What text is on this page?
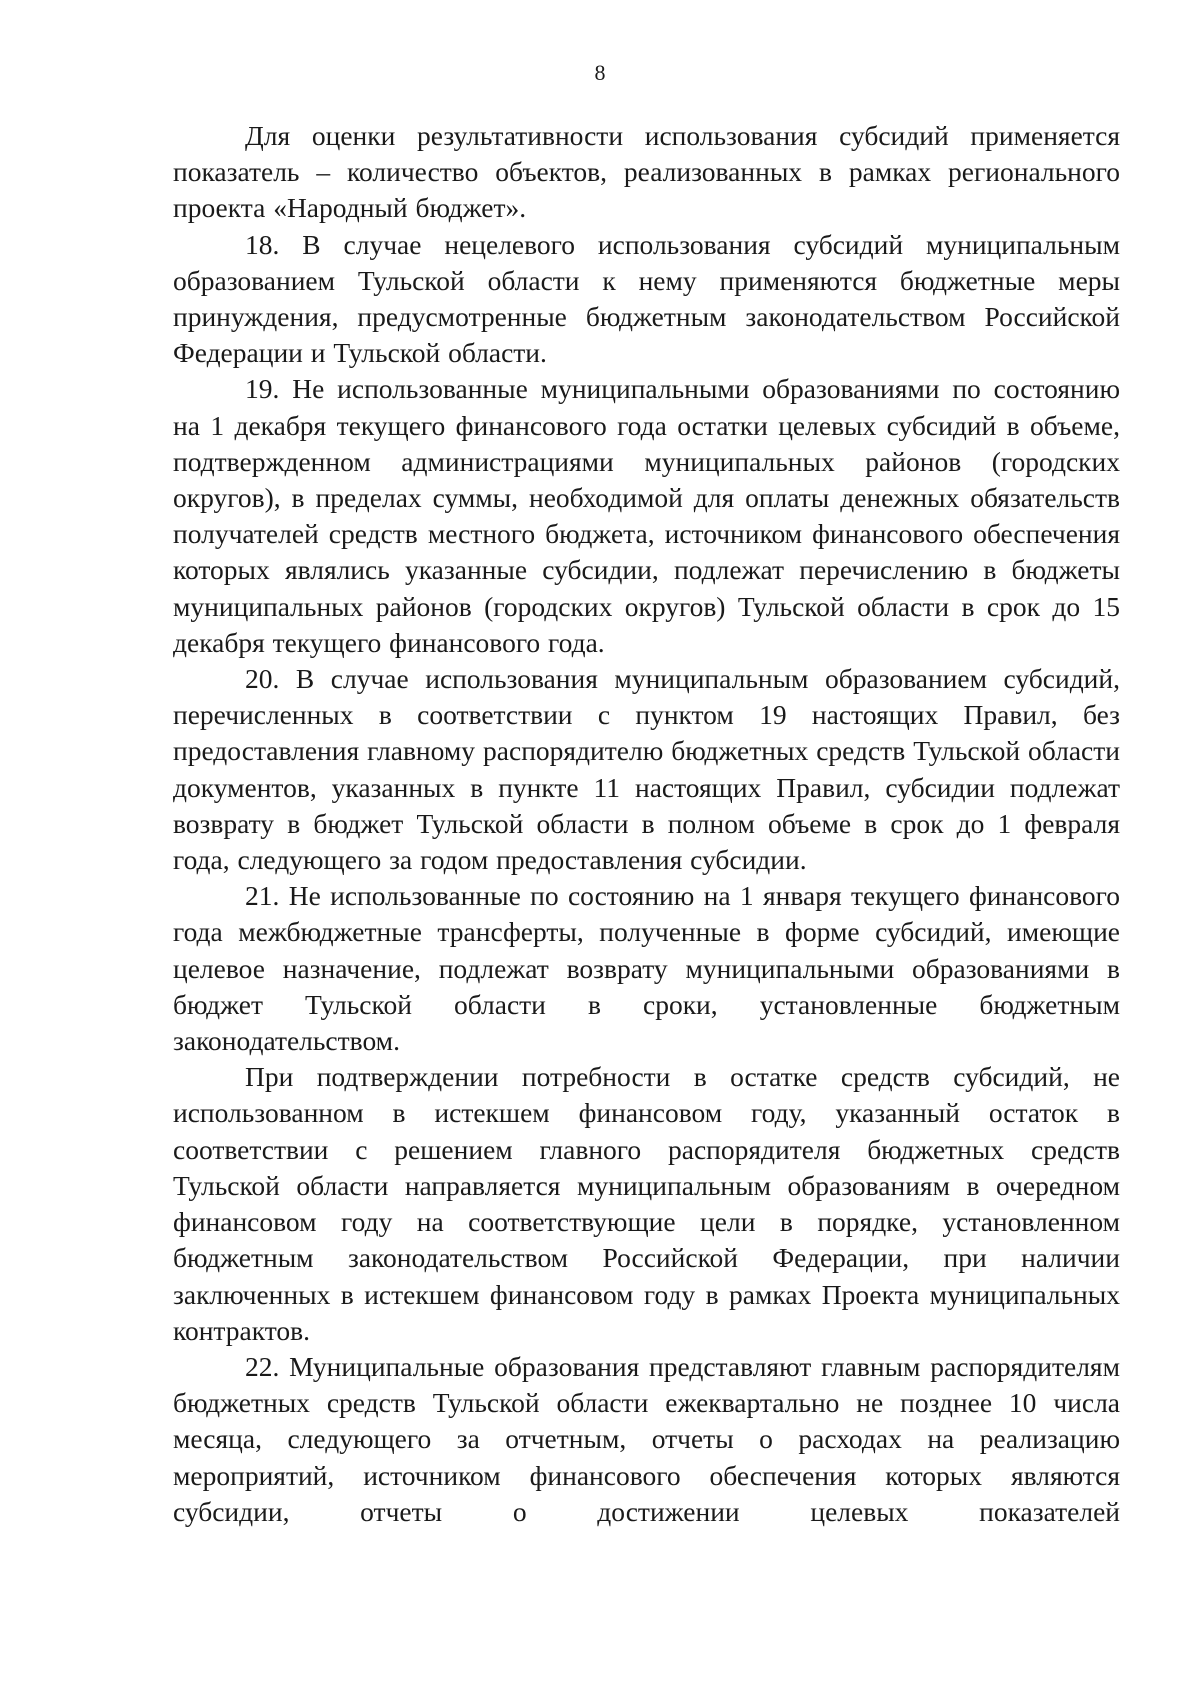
8

Для оценки результативности использования субсидий применяется показатель – количество объектов, реализованных в рамках регионального проекта «Народный бюджет».

18. В случае нецелевого использования субсидий муниципальным образованием Тульской области к нему применяются бюджетные меры принуждения, предусмотренные бюджетным законодательством Российской Федерации и Тульской области.

19. Не использованные муниципальными образованиями по состоянию на 1 декабря текущего финансового года остатки целевых субсидий в объеме, подтвержденном администрациями муниципальных районов (городских округов), в пределах суммы, необходимой для оплаты денежных обязательств получателей средств местного бюджета, источником финансового обеспечения которых являлись указанные субсидии, подлежат перечислению в бюджеты муниципальных районов (городских округов) Тульской области в срок до 15 декабря текущего финансового года.

20. В случае использования муниципальным образованием субсидий, перечисленных в соответствии с пунктом 19 настоящих Правил, без предоставления главному распорядителю бюджетных средств Тульской области документов, указанных в пункте 11 настоящих Правил, субсидии подлежат возврату в бюджет Тульской области в полном объеме в срок до 1 февраля года, следующего за годом предоставления субсидии.

21. Не использованные по состоянию на 1 января текущего финансового года межбюджетные трансферты, полученные в форме субсидий, имеющие целевое назначение, подлежат возврату муниципальными образованиями в бюджет Тульской области в сроки, установленные бюджетным законодательством.

При подтверждении потребности в остатке средств субсидий, не использованном в истекшем финансовом году, указанный остаток в соответствии с решением главного распорядителя бюджетных средств Тульской области направляется муниципальным образованиям в очередном финансовом году на соответствующие цели в порядке, установленном бюджетным законодательством Российской Федерации, при наличии заключенных в истекшем финансовом году в рамках Проекта муниципальных контрактов.

22. Муниципальные образования представляют главным распорядителям бюджетных средств Тульской области ежеквартально не позднее 10 числа месяца, следующего за отчетным, отчеты о расходах на реализацию мероприятий, источником финансового обеспечения которых являются субсидии, отчеты о достижении целевых показателей
